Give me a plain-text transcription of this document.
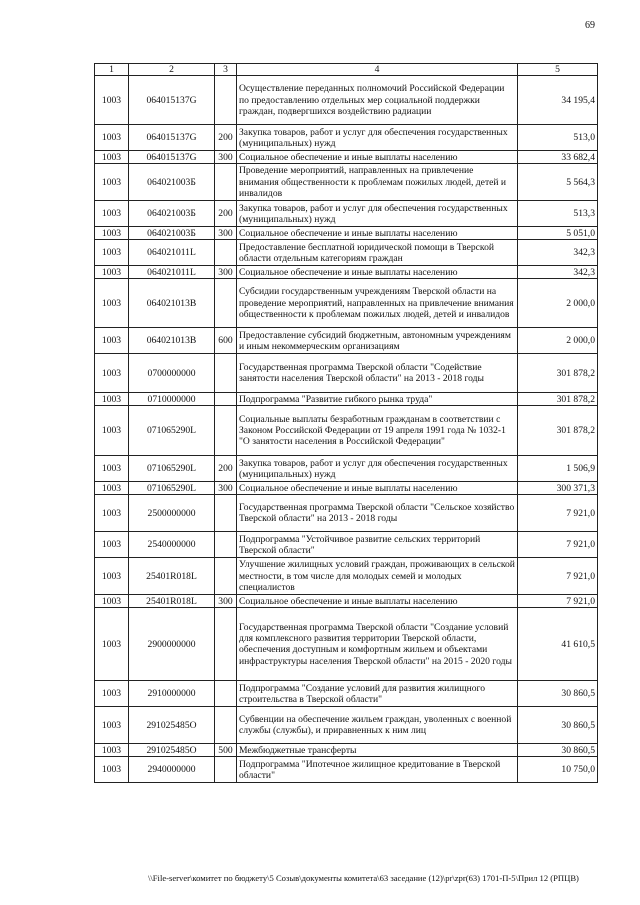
69
1	2	3	4	5
1003	064015137G		Осуществление переданных полномочий Российской Федерации по предоставлению отдельных мер социальной поддержки граждан, подвергшихся воздействию радиации	34 195,4
1003	064015137G	200	Закупка товаров, работ и услуг для обеспечения государственных (муниципальных) нужд	513,0
1003	064015137G	300	Социальное обеспечение и иные выплаты населению	33 682,4
1003	064021003Б		Проведение мероприятий, направленных на привлечение внимания общественности к проблемам пожилых людей, детей и инвалидов	5 564,3
1003	064021003Б	200	Закупка товаров, работ и услуг для обеспечения государственных (муниципальных) нужд	513,3
1003	064021003Б	300	Социальное обеспечение и иные выплаты населению	5 051,0
1003	064021011L		Предоставление бесплатной юридической помощи в Тверской области отдельным категориям граждан	342,3
1003	064021011L	300	Социальное обеспечение и иные выплаты населению	342,3
1003	064021013В		Субсидии государственным учреждениям Тверской области на проведение мероприятий, направленных на привлечение внимания общественности к проблемам пожилых людей, детей и инвалидов	2 000,0
1003	064021013В	600	Предоставление субсидий бюджетным, автономным учреждениям и иным некоммерческим организациям	2 000,0
1003	0700000000		Государственная программа Тверской области "Содействие занятости населения Тверской области" на 2013 - 2018 годы	301 878,2
1003	0710000000		Подпрограмма "Развитие гибкого рынка труда"	301 878,2
1003	071065290L		Социальные выплаты безработным гражданам в соответствии с Законом Российской Федерации от 19 апреля 1991 года № 1032-1 "О занятости населения в Российской Федерации"	301 878,2
1003	071065290L	200	Закупка товаров, работ и услуг для обеспечения государственных (муниципальных) нужд	1 506,9
1003	071065290L	300	Социальное обеспечение и иные выплаты населению	300 371,3
1003	2500000000		Государственная программа Тверской области "Сельское хозяйство Тверской области" на 2013 - 2018 годы	7 921,0
1003	2540000000		Подпрограмма "Устойчивое развитие сельских территорий Тверской области"	7 921,0
1003	25401R018L		Улучшение жилищных условий граждан, проживающих в сельской местности, в том числе для молодых семей и молодых специалистов	7 921,0
1003	25401R018L	300	Социальное обеспечение и иные выплаты населению	7 921,0
1003	2900000000		Государственная программа Тверской области "Создание условий для комплексного развития территории Тверской области, обеспечения доступным и комфортным жильем и объектами инфраструктуры населения Тверской области" на 2015 - 2020 годы	41 610,5
1003	2910000000		Подпрограмма "Создание условий для развития жилищного строительства в Тверской области"	30 860,5
1003	291025485О		Субвенции на обеспечение жильем граждан, уволенных с военной службы (службы), и приравненных к ним лиц	30 860,5
1003	291025485О	500	Межбюджетные трансферты	30 860,5
1003	2940000000		Подпрограмма "Ипотечное жилищное кредитование в Тверской области"	10 750,0
\\File-server\комитет по бюджету\5 Созыв\документы комитета\63 заседание (12)\pr\zpr(63) 1701-П-5\Прил 12 (РПЦВ)
